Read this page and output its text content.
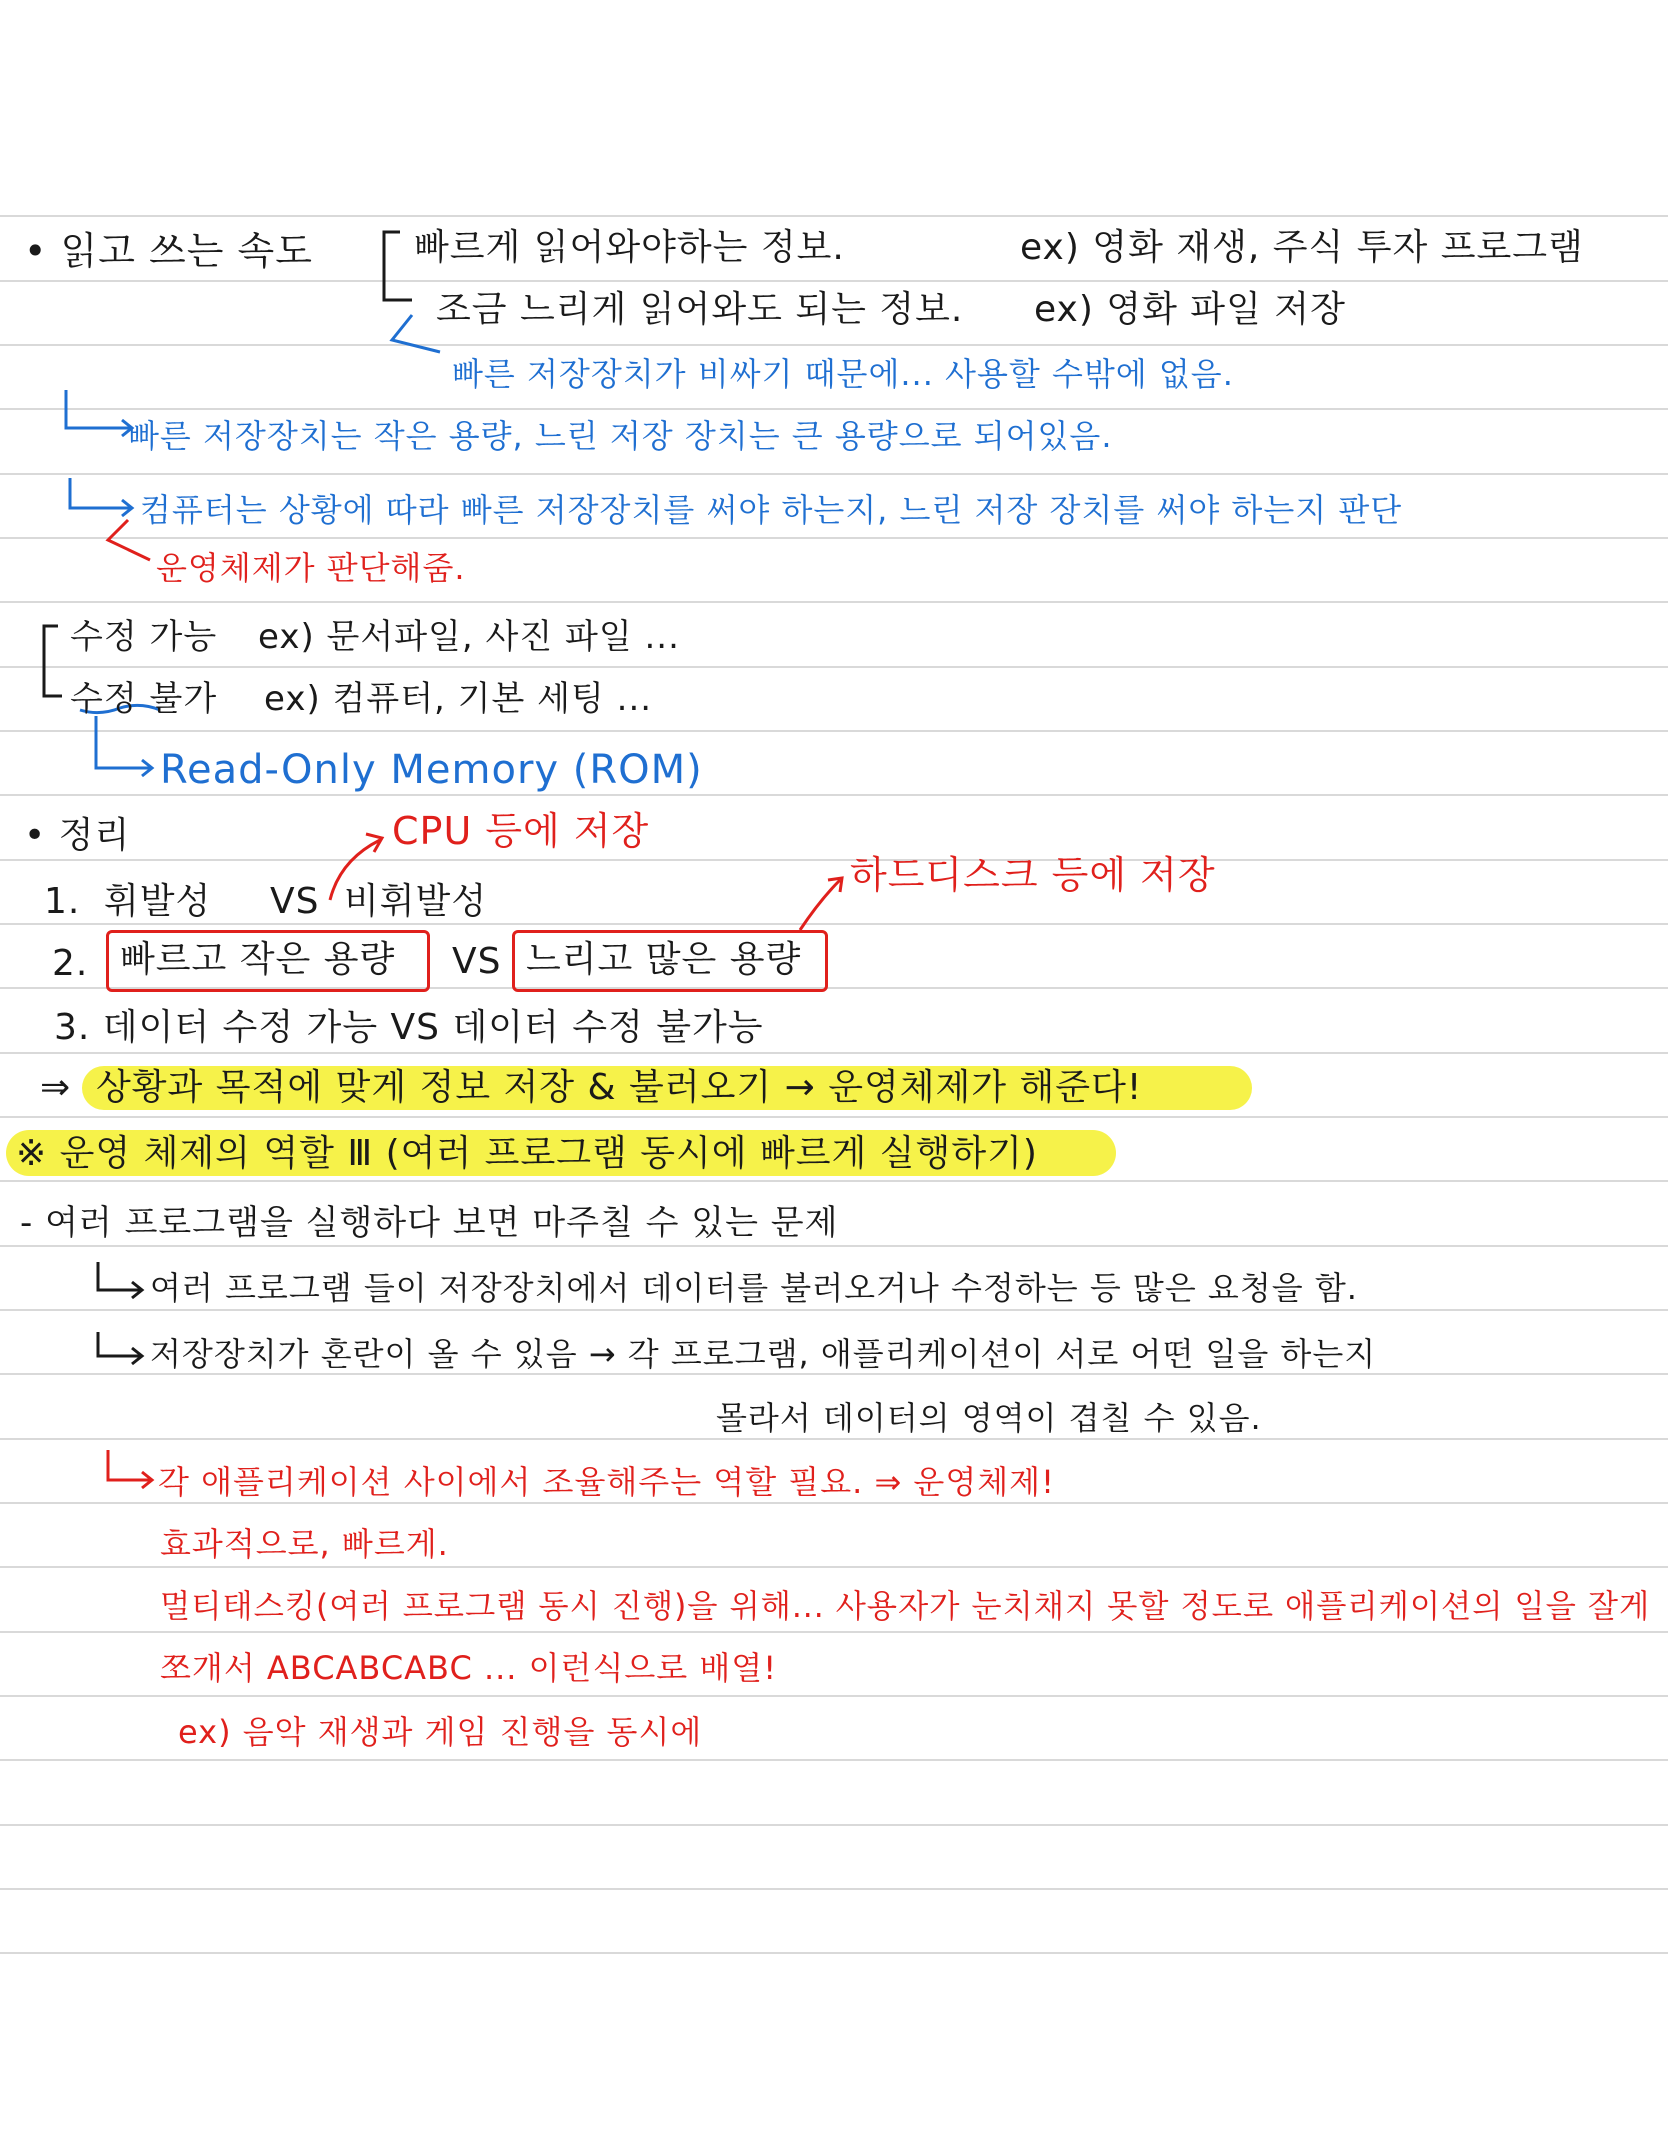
• 읽고 쓰는 속도	빠르게 읽어와야하는 정보.	ex) 영화 재생, 주식 투자 프로그램
조금 느리게 읽어와도 되는 정보. ex) 영화 파일 저장
빠른 저장장치가 비싸기 때문에... 사용할 수밖에 없음.
빠른 저장장치는 작은 용량, 느린 저장 장치는 큰 용량으로 되어있음.
컴퓨터는 상황에 따라 빠른 저장장치를 써야 하는지, 느린 저장 장치를 써야 하는지 판단
운영체제가 판단해줌.
수정 가능 ex) 문서파일, 사진 파일 ...
수정 불가 ex) 컴퓨터, 기본 세팅 ...
Read-Only Memory (ROM)
• 정리	CPU 등에 저장
하드디스크 등에 저장
1. 휘발성 VS 비휘발성
2. 빠르고 작은 용량 VS 느리고 많은 용량
3. 데이터 수정 가능 VS 데이터 수정 불가능
⇒ 상황과 목적에 맞게 정보 저장 & 불러오기 → 운영체제가 해준다!
※ 운영 체제의 역할 Ⅲ (여러 프로그램 동시에 빠르게 실행하기)
- 여러 프로그램을 실행하다 보면 마주칠 수 있는 문제
여러 프로그램 들이 저장장치에서 데이터를 불러오거나 수정하는 등 많은 요청을 함.
저장장치가 혼란이 올 수 있음 → 각 프로그램, 애플리케이션이 서로 어떤 일을 하는지
몰라서 데이터의 영역이 겹칠 수 있음.
각 애플리케이션 사이에서 조율해주는 역할 필요. ⇒ 운영체제!
효과적으로, 빠르게.
멀티태스킹(여러 프로그램 동시 진행)을 위해... 사용자가 눈치채지 못할 정도로 애플리케이션의 일을 잘게
쪼개서 ABCABCABC ... 이런식으로 배열!
ex) 음악 재생과 게임 진행을 동시에
